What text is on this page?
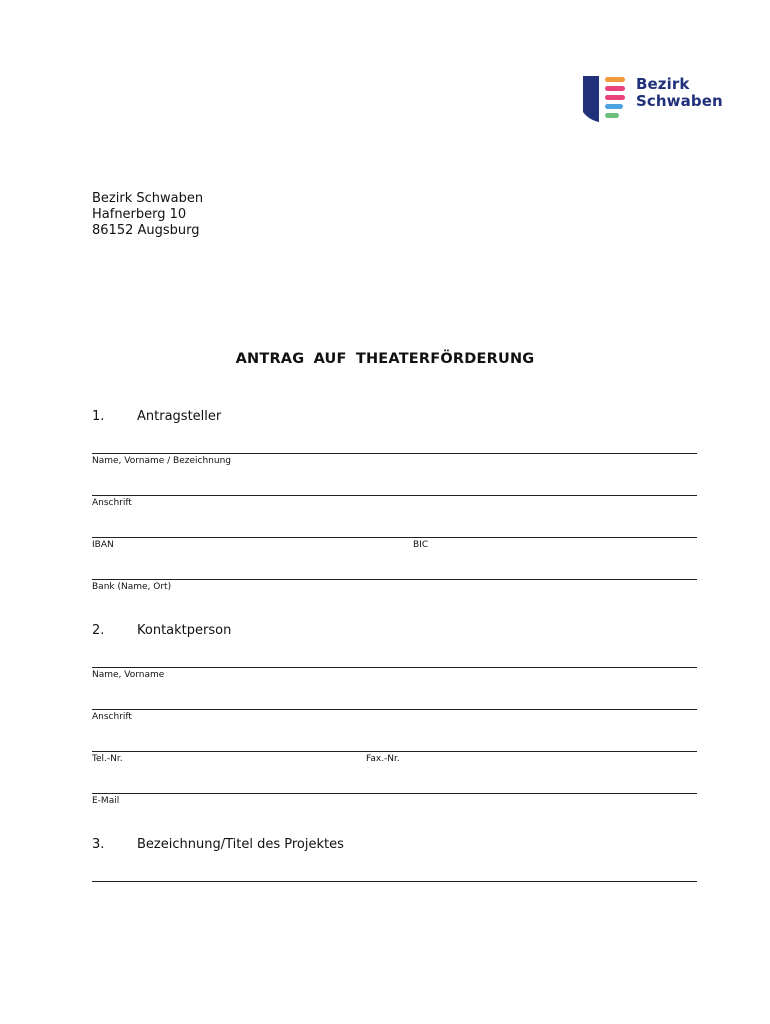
Bezirk
Schwaben
Bezirk Schwaben
Hafnerberg 10
86152 Augsburg
ANTRAG AUF THEATERFÖRDERUNG
1.	Antragsteller
Name, Vorname / Bezeichnung
Anschrift
IBAN	BIC
Bank (Name, Ort)
2.	Kontaktperson
Name, Vorname
Anschrift
Tel.-Nr.	Fax.-Nr.
E-Mail
3.	Bezeichnung/Titel des Projektes
